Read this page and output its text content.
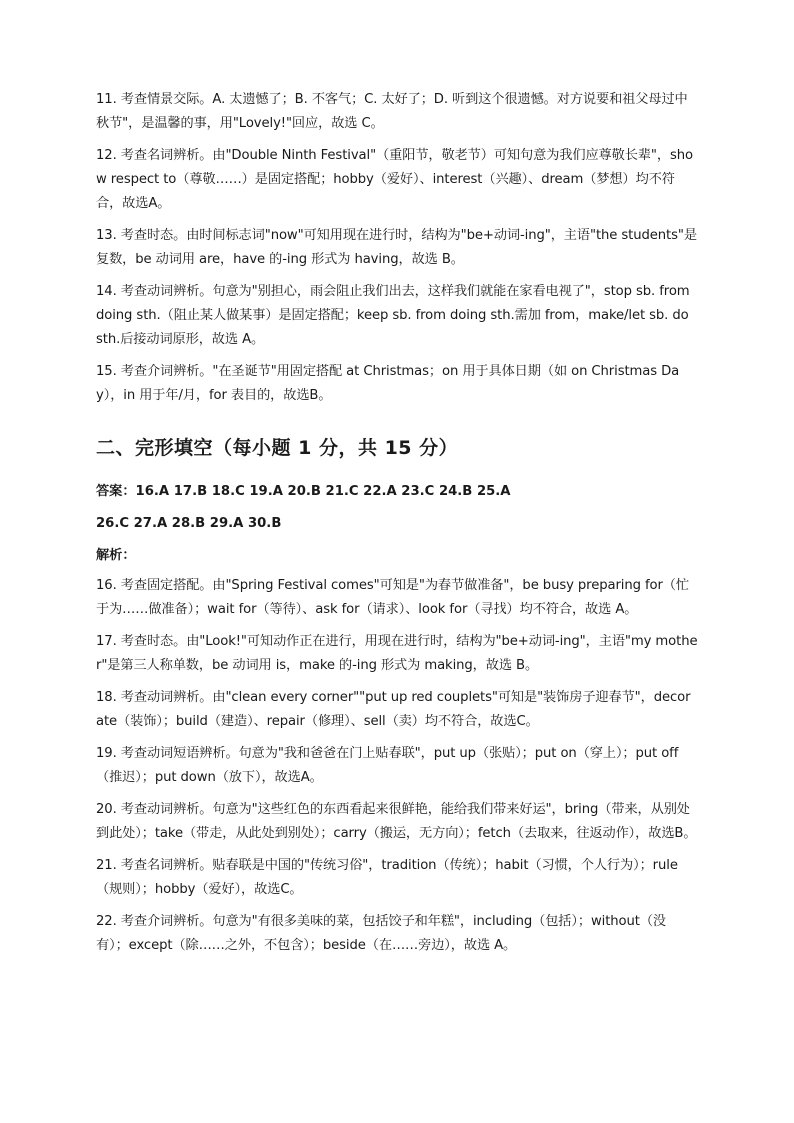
11. 考查情景交际。A. 太遗憾了；B. 不客气；C. 太好了；D. 听到这个很遗憾。对方说要和祖父母过中秋节"，是温馨的事，用"Lovely!"回应，故选 C。

12. 考查名词辨析。由"Double Ninth Festival"（重阳节，敬老节）可知句意为我们应尊敬长辈"，show respect to（尊敬……）是固定搭配；hobby（爱好）、interest（兴趣）、dream（梦想）均不符合，故选A。

13. 考查时态。由时间标志词"now"可知用现在进行时，结构为"be+动词-ing"，主语"the students"是复数，be 动词用 are，have 的-ing 形式为 having，故选 B。

14. 考查动词辨析。句意为"别担心，雨会阻止我们出去，这样我们就能在家看电视了"，stop sb. from doing sth.（阻止某人做某事）是固定搭配；keep sb. from doing sth.需加 from，make/let sb. do sth.后接动词原形，故选 A。

15. 考查介词辨析。"在圣诞节"用固定搭配 at Christmas；on 用于具体日期（如 on Christmas Day），in 用于年/月，for 表目的，故选B。

二、完形填空（每小题 1 分，共 15 分）

答案：16.A 17.B 18.C 19.A 20.B 21.C 22.A 23.C 24.B 25.A

26.C 27.A 28.B 29.A 30.B

解析：

16. 考查固定搭配。由"Spring Festival comes"可知是"为春节做准备"，be busy preparing for（忙于为……做准备）；wait for（等待）、ask for（请求）、look for（寻找）均不符合，故选 A。

17. 考查时态。由"Look!"可知动作正在进行，用现在进行时，结构为"be+动词-ing"，主语"my mother"是第三人称单数，be 动词用 is，make 的-ing 形式为 making，故选 B。

18. 考查动词辨析。由"clean every corner""put up red couplets"可知是"装饰房子迎春节"，decorate（装饰）；build（建造）、repair（修理）、sell（卖）均不符合，故选C。

19. 考查动词短语辨析。句意为"我和爸爸在门上贴春联"，put up（张贴）；put on（穿上）；put off（推迟）；put down（放下），故选A。

20. 考查动词辨析。句意为"这些红色的东西看起来很鲜艳，能给我们带来好运"，bring（带来，从别处到此处）；take（带走，从此处到别处）；carry（搬运，无方向）；fetch（去取来，往返动作），故选B。

21. 考查名词辨析。贴春联是中国的"传统习俗"，tradition（传统）；habit（习惯，个人行为）；rule（规则）；hobby（爱好），故选C。

22. 考查介词辨析。句意为"有很多美味的菜，包括饺子和年糕"，including（包括）；without（没有）；except（除……之外，不包含）；beside（在……旁边），故选 A。
